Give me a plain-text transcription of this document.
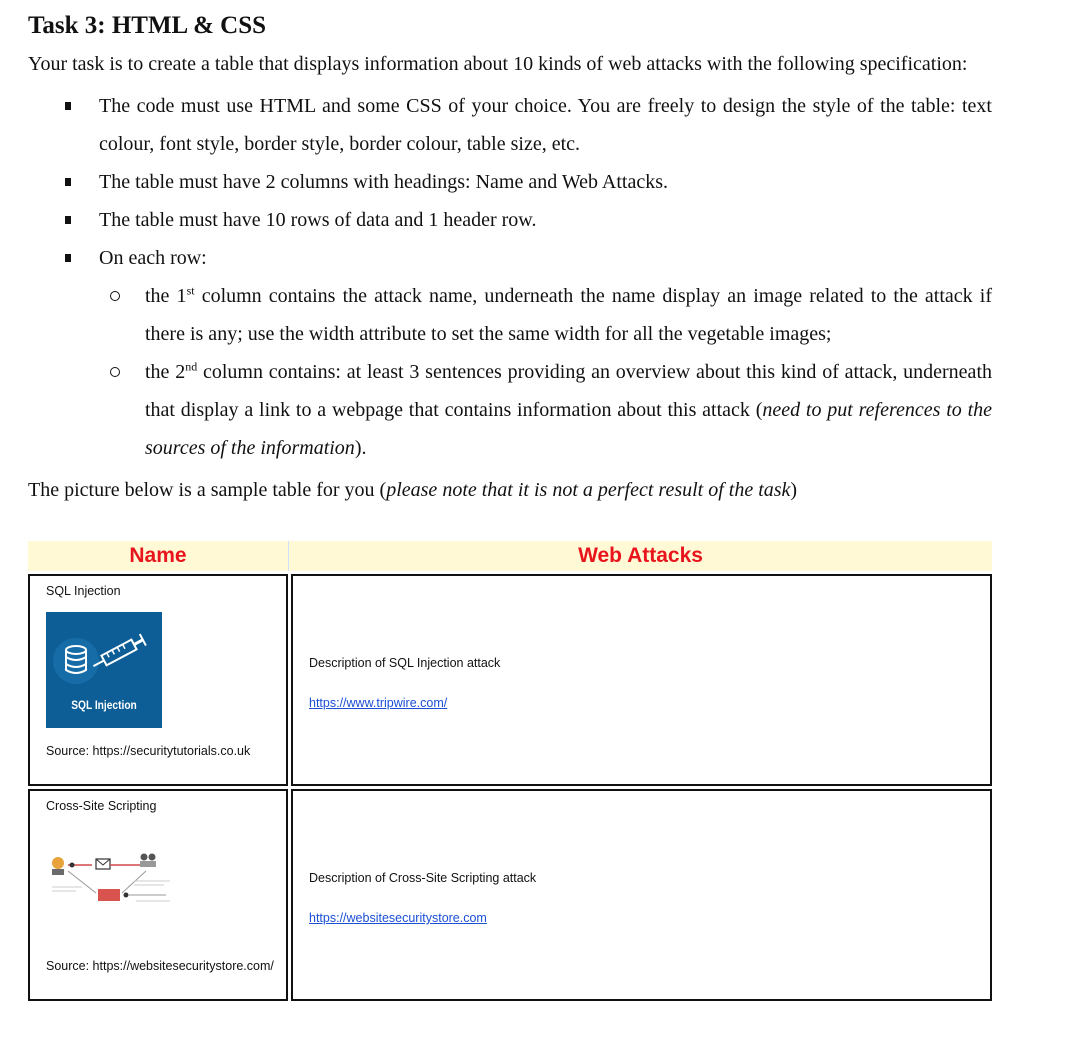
Task 3: HTML & CSS

Your task is to create a table that displays information about 10 kinds of web attacks with the following specification:

The code must use HTML and some CSS of your choice. You are freely to design the style of the table: text colour, font style, border style, border colour, table size, etc.
The table must have 2 columns with headings: Name and Web Attacks.
The table must have 10 rows of data and 1 header row.
On each row:
the 1st column contains the attack name, underneath the name display an image related to the attack if there is any; use the width attribute to set the same width for all the vegetable images;
the 2nd column contains: at least 3 sentences providing an overview about this kind of attack, underneath that display a link to a webpage that contains information about this attack (need to put references to the sources of the information).

The picture below is a sample table for you (please note that it is not a perfect result of the task)

Name	Web Attacks
SQL Injection
SQL Injection
Source: https://securitytutorials.co.uk
Description of SQL Injection attack
https://www.tripwire.com/
Cross-Site Scripting
Source: https://websitesecuritystore.com/
Description of Cross-Site Scripting attack
https://websitesecuritystore.com
